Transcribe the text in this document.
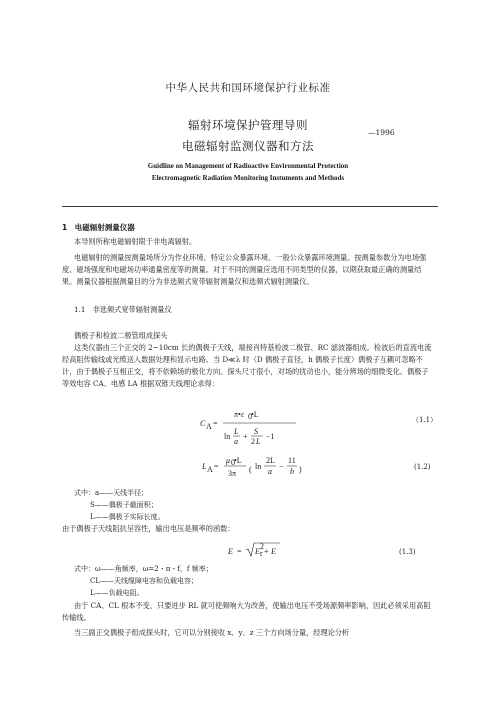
中华人民共和国环境保护行业标准
辐射环境保护管理导则
电磁辐射监测仪器和方法
—1996
Guidline on Management of Radioactive Environmental Protection
Electromagnetic Radiation Monitoring Instuments and Methods
1　电磁辐射测量仪器
本导则所称电磁辐射限于非电离辐射。
电磁辐射的测量按测量场所分为作业环境、特定公众暴露环境、一般公众暴露环境测量。按测量参数分为电场强度、磁场强度和电磁场功率通量密度等的测量。对于不同的测量应选用不同类型的仪器，以期获取最正确的测量结果。测量仪器根据测量目的分为非选频式宽带辐射测量仪和选频式辐射测量仪。
1.1　非选频式宽带辐射测量仪
偶极子和检波二极管组成探头
这类仪器由三个正交的 2~10cm 长的偶极子天线，端接肖特基检波二极管、RC 滤波器组成。检波后的直流电流经高阻传输线或光缆送入数据处理和显示电路。当 D≪λ 时（D 偶极子直径，h 偶极子长度）偶极子互耦可忽略不计，由于偶极子互相正交，将不依赖场的极化方向。探头尺寸很小，对场的扰动也小，能分辨场的细微变化。偶极子等效电容 CA、电感 LA 根据双锥天线理论求得：
C A =
π•ε 0 •L
ln
L
a
+
S
2 L
−1
（1.1）
L A =
μ 0 •L
3π ( ln
2L
a
−
11
b )	(1.2)
式中：a——天线半径；
S——偶极子截面积；
L——偶极子实际长度。
由于偶极子天线阻抗呈容性，输出电压是频率的函数：
E = E
2
r + E	(1.3)
式中：ω——角频率，ω=2・π・f，f 频率；
CL——天线缆障电容和负载电容；
L——负载电阻。
由于 CA、CL 根本不变，只要进步 RL 就可使频响大为改善，使输出电压不受场源频率影响，因此必须采用高阻传输线。
当三副正交偶极子组成探头时，它可以分别接收 x、y、z 三个方向场分量，经理论分析
